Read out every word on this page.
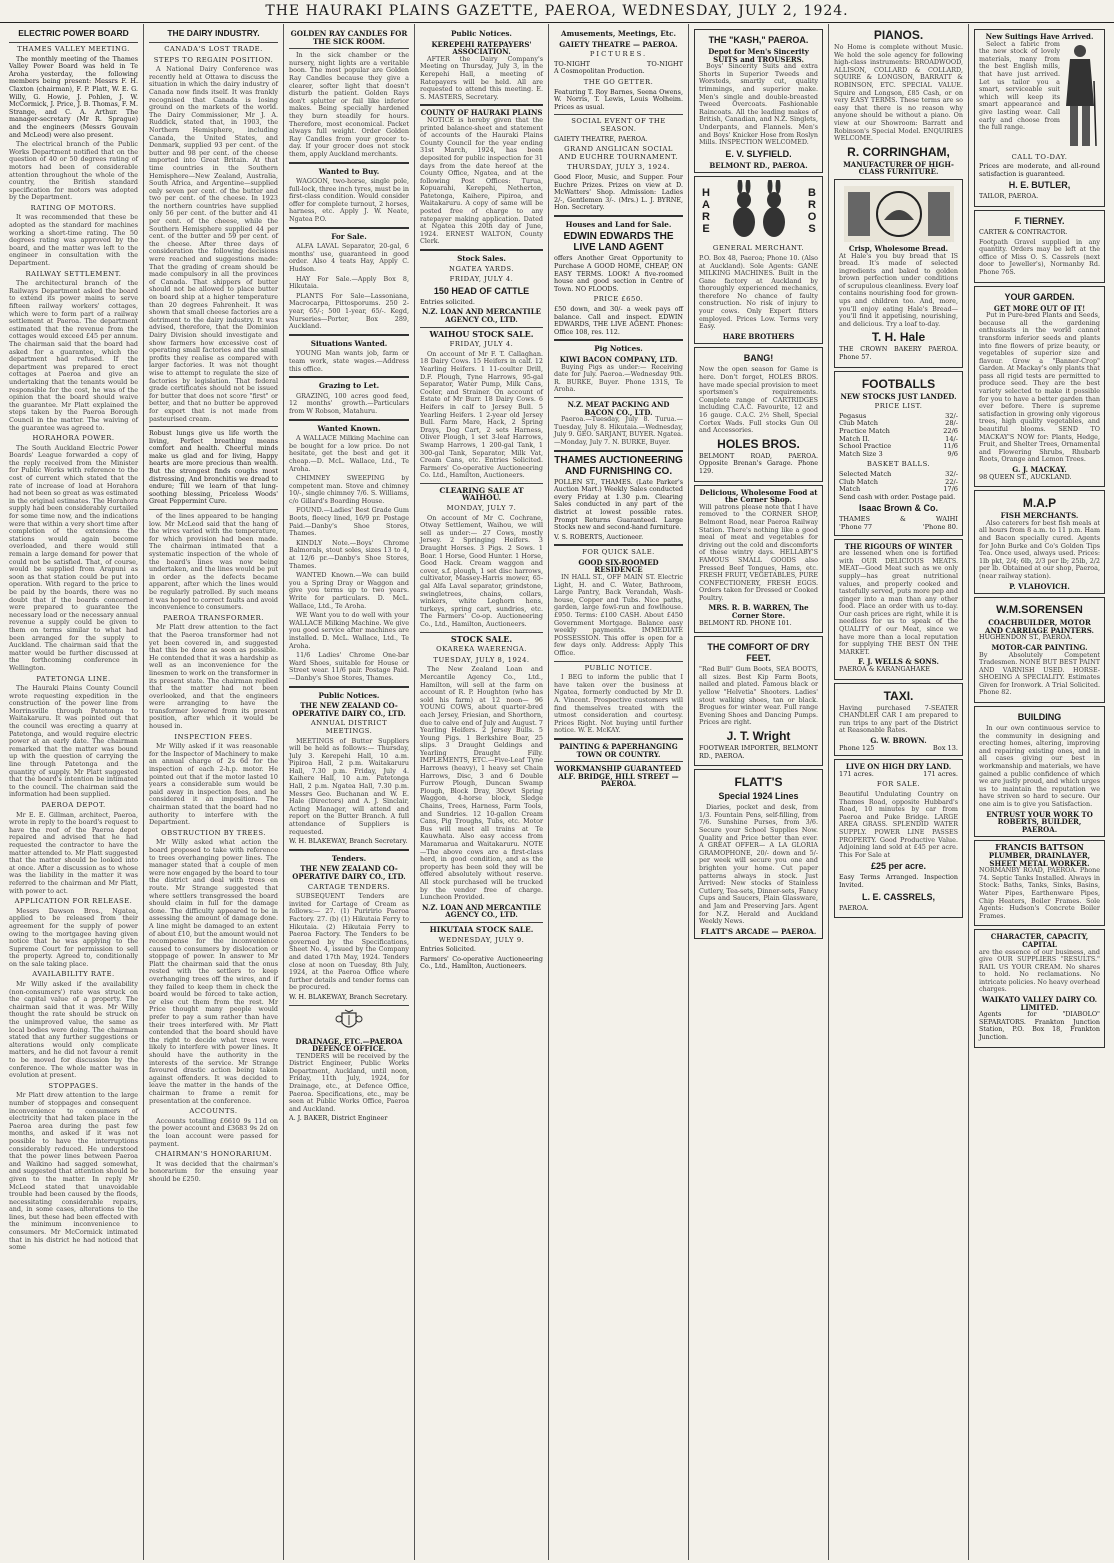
THE HAURAKI PLAINS GAZETTE, PAEROA, WEDNESDAY, JULY 2, 1924.
ELECTRIC POWER BOARD
THAMES VALLEY MEETING.

The monthly meeting of the Thames Valley Power Board was held in Te Aroha yesterday, the following members being present: Messrs F. H. Claxton (chairman), F. P. Platt, W. E. G. Willy, G. Howie, J. Pohlen, J. W. McCormick, J. Price, J. B. Thomas, F. M. Strange, and C. A. Arthur. The manager-secretary (Mr R. Sprague) and the engineers (Messrs Gouvain and McLeod) were also present.

The electrical branch of the Public Works Department notified that on the question of 40 or 50 degrees rating of motors had been of considerable attention throughout the whole of the country, the British standard specification for motors was adopted by the Department.

RATING OF MOTORS.

It was recommended that these be adopted as the standard for machines working a short-time rating. The 50 degrees rating was approved by the board, and the matter was left to the engineer in consultation with the Department.

RAILWAY SETTLEMENT.

The architectural branch of the Railways Department asked the board to extend its power mains to serve fifteen railway workers' cottages, which were to form part of a railway settlement at Paeroa. The department estimated that the revenue from the cottages would exceed £45 per annum. The chairman said that the board had asked for a guarantee, which the department had refused. If the department was prepared to erect cottages at Paeroa and give an undertaking that the tenants would be responsible for the cost, he was of the opinion that the board should waive the guarantee. Mr Platt explained the steps taken by the Paeroa Borough Council in the matter. The waiving of the guarantee was agreed to.

HORAHORA POWER.

The South Auckland Electric Power Boards' League forwarded a copy of the reply received from the Minister for Public Works with reference to the cost of current which stated that the rate of increase of load at Horahora had not been so great as was estimated in the original estimates. The Horahora supply had been considerably curtailed for some time now, and the indications were that within a very short time after completion of the extensions the stations would again become overloaded, and there would still remain a large demand for power that could not be satisfied. That, of course, would be supplied from Arapuni as soon as that station could be put into operation. With regard to the price to be paid by the boards, there was no doubt that if the boards concerned were prepared to guarantee the necessary load or the necessary annual revenue a supply could be given to them on terms similar to what had been arranged for the supply to Auckland. The chairman said that the matter would be further discussed at the forthcoming conference in Wellington.

PATETONGA LINE.

The Hauraki Plains County Council wrote requesting expedition in the construction of the power line from Morrinsville through Patetonga to Waitakaruru. It was pointed out that the council was erecting a quarry at Patetonga, and would require electric power at an early date. The chairman remarked that the matter was bound up with the question of carrying the line through Patetonga and the quantity of supply. Mr Platt suggested that the board's intention be intimated to the council. The chairman said the information had been supplied.

PAEROA DEPOT.

Mr E. E. Gillman, architect, Paeroa, wrote in reply to the board's request to have the roof of the Paeroa depot repaired and advised that he had requested the contractor to have the matter attended to. Mr Platt suggested that the matter should be looked into at once. After a discussion as to whose was the liability in the matter it was referred to the chairman and Mr Platt, with power to act.

APPLICATION FOR RELEASE.

Messrs Dawson Bros., Ngatea, applied to be released from their agreement for the supply of power owing to the mortgagee having given notice that he was applying to the Supreme Court for permission to sell the property. Agreed to, conditionally on the sale taking place.

AVAILABILITY RATE.

Mr Willy asked if the availability (non-consumers') rate was struck on the capital value of a property. The chairman said that it was. Mr Willy thought the rate should be struck on the unimproved value, the same as local bodies were doing. The chairman stated that any further suggestions or alterations would only complicate matters, and he did not favour a remit to be moved for discussion by the conference. The whole matter was in evolution at present.

STOPPAGES.

Mr Platt drew attention to the large number of stoppages and consequent inconvenience to consumers of electricity that had taken place in the Paeroa area during the past few months, and asked if it was not possible to have the interruptions considerably reduced. He understood that the power lines between Paeroa and Waikino had sagged somewhat, and suggested that attention should be given to the matter. In reply Mr McLeod stated that unavoidable trouble had been caused by the floods, necessitating considerable repairs, and, in some cases, alterations to the lines, but these had been effected with the minimum inconvenience to consumers. Mr McCormick intimated that in his district he had noticed that some

THE DAIRY INDUSTRY.
CANADA'S LOST TRADE.
STEPS TO REGAIN POSITION.

A National Dairy Conference was recently held at Ottawa to discuss the situation in which the dairy industry of Canada now finds itself. It was frankly recognised that Canada is losing ground on the markets of the world. The Dairy Commissioner, Mr J. A. Ruddick, stated that, in 1903, the Northern Hemisphere, including Canada, the United States, and Denmark, supplied 93 per cent. of the butter and 98 per cent. of the cheese imported into Great Britain. At that time countries in the Southern Hemisphere—New Zealand, Australia, South Africa, and Argentine—supplied only seven per cent. of the butter and two per cent. of the cheese. In 1923 the northern countries have supplied only 56 per cent. of the butter and 41 per cent. of the cheese, while the Southern Hemisphere supplied 44 per cent. of the butter and 59 per cent. of the cheese. After three days of consideration the following decisions were reached and suggestions made: That the grading of cream should be made compulsory in all the provinces of Canada. That shippers of butter should not be allowed to place butter on board ship at a higher temperature than 20 degrees Fahrenheit. It was shown that small cheese factories are a detriment to the dairy industry. It was advised, therefore, that the Dominion Dairy Division should investigate and show farmers how excessive cost of operating small factories and the small profits they realise as compared with larger factories. It was not thought wise to attempt to regulate the size of factories by legislation. That federal grade certificates should not be issued for butter that does not score "first" or better, and that no butter be approved for export that is not made from pasteurised cream.

Robust lungs give us life worth the living, Perfect breathing means comfort and health. Cheerful minds make us glad and for living, Happy hearts are more precious than wealth. But the strongest finds coughs most distressing, And bronchitis we dread to endure; Till we learn of that lung-soothing blessing, Priceless Woods' Great Peppermint Cure.

of the lines appeared to be hanging low. Mr McLeod said that the hang of the wires varied with the temperature, for which provision had been made. The chairman intimated that a systematic inspection of the whole of the board's lines was now being undertaken, and the lines would be put in order as the defects became apparent, after which the lines would be regularly patrolled. By such means it was hoped to correct faults and avoid inconvenience to consumers.

PAEROA TRANSFORMER.

Mr Platt drew attention to the fact that the Paeroa transformer had not yet been covered in, and suggested that this be done as soon as possible. He contended that it was a hardship as well as an inconvenience for the linesmen to work on the transformer in its present state. The chairman replied that the matter had not been overlooked, and that the engineers were arranging to have the transformer lowered from its present position, after which it would be housed in.

INSPECTION FEES.

Mr Willy asked if it was reasonable for the Inspector of Machinery to make an annual charge of 2s 6d for the inspection of each 2-h.p. motor. He pointed out that if the motor lasted 10 years a considerable sum would be paid away in inspection fees, and he considered it an imposition. The chairman stated that the board had no authority to interfere with the Department.

OBSTRUCTION BY TREES.

Mr Willy asked what action the board proposed to take with reference to trees overhanging power lines. The manager stated that a couple of men were now engaged by the board to tour the district and deal with trees en route. Mr Strange suggested that where settlers transgressed the board should claim in full for the damage done. The difficulty appeared to be in assessing the amount of damage done. A line might be damaged to an extent of about £10, but the amount would not recompense for the inconvenience caused to consumers by dislocation or stoppage of power. In answer to Mr Platt the chairman said that the onus rested with the settlers to keep overhanging trees off the wires, and if they failed to keep them in check the board would be forced to take action, or else cut them from the rest. Mr Price thought many people would prefer to pay a sum rather than have their trees interfered with. Mr Platt contended that the board should have the right to decide what trees were likely to interfere with power lines. It should have the authority in the interests of the service. Mr Strange favoured drastic action being taken against offenders. It was decided to leave the matter in the hands of the chairman to frame a remit for presentation at the conference.

ACCOUNTS.

Accounts totalling £6610 9s 11d on the power account and £3683 9s 2d on the loan account were passed for payment.

CHAIRMAN'S HONORARIUM.

It was decided that the chairman's honorarium for the ensuing year should be £250.

GOLDEN RAY CANDLES FOR THE SICK ROOM.

In the sick chamber or the nursery, night lights are a veritable boon. The most popular are Golden Ray Candles because they give a clearer, softer light that doesn't disturb the patient. Golden Rays don't splutter or fail like inferior makes. Being specially hardened they burn steadily for hours. Therefore, most economical. Packet always full weight. Order Golden Ray Candles from your grocer to-day. If your grocer does not stock them, apply Auckland merchants.

Wanted to Buy.

WAGGON, two-horse, single pole, full-lock, three inch tyres, must be in first-class condition. Would consider offer for complete turnout, 2 horses, harness, etc. Apply J. W. Neate, Ngatea P.O.

For Sale.

ALFA LAVAL Separator, 20-gal, 6 months' use, guaranteed in good order. Also 4 teats Hay, Apply C. Hudson.

HAY For Sale.—Apply Box 8, Hikutaia.

PLANTS For Sale—Lassoniana, Macrocarpa, Pittosporums. 250 2-year, 65/-; 500 1-year, 65/-. Kegd, Nurseries—Porter, Box 289, Auckland.

Situations Wanted.

YOUNG Man wants job, farm or team work, state wages.—Address this office.

Grazing to Let.

GRAZING, 100 acres good feed, 12 months' growth.—Particulars from W Robson, Matahuru.

Wanted Known.

A WALLACE Milking Machine can be bought for a low price. Do not hesitate, get the best and get it cheap.—D. McL. Wallace, Ltd., Te Aroha.

CHIMNEY SWEEPING by competent man. Stove and chimney 10/-, single chimney 7/6. S. Williams, c/o Gillard's Boarding House.

FOUND.—Ladies' Best Grade Gum Boots, fleecy lined, 16/9 pr. Postage Paid.—Danby's Shoe Stores, Thames.

KINDLY Note.—Boys' Chrome Balmorals, stout soles, sizes 13 to 4, at 12/6 pr.—Danby's Shoe Stores, Thames.

WANTED Known.—We can build you a Spring Dray or Waggon and give you terms up to two years. Write for particulars. D. McL. Wallace, Ltd., Te Aroha.

WE Want you to do well with your WALLACE Milking Machine. We give you good service after machines are installed. D. McL. Wallace, Ltd., Te Aroha.

11/6 Ladies' Chrome One-bar Ward Shoes, suitable for House or Street wear. 11/6 pair. Postage Paid.—Danby's Shoe Stores, Thames.

Public Notices.
THE NEW ZEALAND CO-OPERATIVE DAIRY CO., LTD.
ANNUAL DISTRICT MEETINGS.

MEETINGS of Butter Suppliers will be held as follows:— Thursday, July 3. Kerepehi Hall, 10 a.m. Pipiroa Hall, 2 p.m. Waitakaruru Hall, 7.30 p.m. Friday, July 4. Kaihere Hall, 10 a.m. Patetonga Hall, 2 p.m. Ngatea Hall, 7.30 p.m. Messrs Geo. Buchanan and W. E. Hale (Directors) and A. J. Sinclair, Acting Manager, will attend and report on the Butter Branch. A full attendance of Suppliers is requested.

W. H. BLAKEWAY, Branch Secretary.

Tenders.
THE NEW ZEALAND CO-OPERATIVE DAIRY CO., LTD.
CARTAGE TENDERS.

SUBSEQUENT Tenders are invited for Cartage of Cream as follows:— 27. (1) Puriririo Paeroa Factory. 27. (b) (1) Hikutaia Ferry to Hikutaia. (2) Hikutaia Ferry to Paeroa Factory. The Tenders to be governed by the Specifications, Sheet No. 4, issued by the Company and dated 17th May, 1924. Tenders close at noon on Tuesday, 8th July, 1924, at the Paeroa Office where further details and tender forms can be procured.

W. H. BLAKEWAY, Branch Secretary.

DRAINAGE, ETC.—PAEROA DEFENCE OFFICE.

TENDERS will be received by the District Engineer, Public Works Department, Auckland, until noon, Friday, 11th July, 1924, for Drainage, etc., at Defence Office, Paeroa. Specifications, etc., may be seen at Public Works Office, Paeroa and Auckland.

A. J. BAKER, District Engineer

Public Notices.
KEREPEHI RATEPAYERS' ASSOCIATION.

AFTER the Dairy Company's Meeting on Thursday, July 3, in the Kerepehi Hall, a meeting of Ratepayers will be held. All are requested to attend this meeting. E. S. MASTERS, Secretary.

COUNTY OF HAURAKI PLAINS

NOTICE is hereby given that the printed balance-sheet and statement of accounts of the Hauraki Plains County Council for the year ending 31st March, 1924, has been deposited for public inspection for 31 days from the date hereof at the County Office, Ngatea, and at the following Post Offices: Turua, Kopuarahi, Kerepehi, Netherton, Patetonga, Kaihere, Pipiroa, and Waitakaruru. A copy of same will be posted free of charge to any ratepayer making application. Dated at Ngatea this 20th day of June, 1924. ERNEST WALTON, County Clerk.

Stock Sales.
NGATEA YARDS.
FRIDAY, JULY 4.
150 HEAD OF CATTLE

Entries solicited.

N.Z. LOAN AND MERCANTILE AGENCY CO., LTD.
WAIHOU STOCK SALE.
FRIDAY, JULY 4.

On account of Mr F. T. Callaghan. 18 Dairy Cows. 15 Heifers in calf. 12 Yearling Heifers. 1 11-coulter Drill, D.F. Plough, Tyne Harrows, 95-gal Separator, Water Pump, Milk Cans, Cooler, and Strainer. On account of Estate of Mr Burr. 18 Dairy Cows. 6 Heifers in calf to Jersey Bull. 5 Yearling Heifers. 1 2-year old Jersey Bull. Farm Mare, Hack, 2 Spring Drays, Dog Cart, 2 sets Harness, Oliver Plough, 1 set 3-leaf Harrows, Swamp Harrows, 1 200-gal Tank, 1 300-gal Tank, Separator, Milk Vat, Cream Cans, etc. Entries Solicited. Farmers' Co-operative Auctioneering Co. Ltd., Hamilton, Auctioneers.

CLEARING SALE AT WAIHOU.
MONDAY, JULY 7.

On account of Mr C. Cochrane, Otway Settlement, Waihou, we will sell as under:— 27 Cows, mostly Jersey. 2 Springing Heifers. 3 Draught Horses. 3 Pigs. 2 Sows. 1 Boar. 1 Horse, Good Hunter. 1 Horse, Good Hack. Cream waggon and cover, s.f. plough, 1 set disc harrows, cultivator, Massey-Harris mower, 65-gal Alfa Laval separator, grindstone, swingletrees, chains, collars, winkers, white Leghorn hens, turkeys, spring cart, sundries, etc. The Farmers' Co-op. Auctioneering Co., Ltd., Hamilton, Auctioneers.

STOCK SALE.
OKAREKA WAERENGA.
TUESDAY, JULY 8, 1924.

The New Zealand Loan and Mercantile Agency Co., Ltd., Hamilton, will sell at the farm on account of R. P. Houghton (who has sold his farm) at 12 noon— 96 YOUNG COWS, about quarter-bred each Jersey, Friesian, and Shorthorn, due to calve end of July and August. 7 Yearling Heifers. 2 Jersey Bulls. 5 Young Pigs. 1 Berkshire Boar, 25 slips. 3 Draught Geldings and Yearling Draught Filly. IMPLEMENTS, ETC.—Five-Leaf Tyne Harrows (heavy), 1 heavy set Chain Harrows, Disc, 3 and 6 Double Furrow Plough, Duncan Swamp Plough, Block Dray, 30cwt Spring Waggon, 4-horse block, Sledge Chains, Trees, Harness, Farm Tools, and Sundries. 12 10-gallon Cream Cans, Pig Troughs, Tubs, etc. Motor Bus will meet all trains at Te Kauwhata. Also easy access from Maramarua and Waitakaruru. NOTE—The above cows are a first-class herd, in good condition, and as the property has been sold they will be offered absolutely without reserve. All stock purchased will be trucked by the vendor free of charge. Luncheon Provided.

N.Z. LOAN AND MERCANTILE AGENCY CO., LTD.
HIKUTAIA STOCK SALE.
WEDNESDAY, JULY 9.

Entries Solicited.

Farmers' Co-operative Auctioneering Co., Ltd., Hamilton, Auctioneers.

Amusements, Meetings, Etc.
GAIETY THEATRE — PAEROA.
PICTURES.
TO-NIGHT	TO-NIGHT

A Cosmopolitan Production.

THE GO GETTER.

Featuring T. Roy Barnes, Seena Owens, W. Norris, T. Lewis, Louis Wolheim. Prices as usual.

SOCIAL EVENT OF THE SEASON.

GAIETY THEATRE, PAEROA.

GRAND ANGLICAN SOCIAL AND EUCHRE TOURNAMENT.
THURSDAY, JULY 3, 1924.

Good Floor, Music, and Supper. Four Euchre Prizes. Prizes on view at D. McWatters' Shop. Admission: Ladies 2/-, Gentlemen 3/-. (Mrs.) L. J. BYRNE, Hon. Secretary.

Houses and Land for Sale.
EDWIN EDWARDS THE LIVE LAND AGENT

offers Another Great Opportunity to Purchase A GOOD HOME, CHEAP, ON EASY TERMS. LOOK! A five-roomed house and good section in Centre of Town. NO FLOODS.

PRICE £650.

£50 down, and 30/- a week pays off balance. Call and inspect. EDWIN EDWARDS, THE LIVE AGENT. Phones: Office 108, res. 112.

Pig Notices.
KIWI BACON COMPANY, LTD.

Buying Pigs as under:— Receiving date for July. Paeroa.—Wednesday 9th. R. BURKE, Buyer. Phone 131S, Te Aroha.

N.Z. MEAT PACKING AND BACON CO., LTD.

Paeroa.—Tuesday, July 8. Turua.—Tuesday, July 8. Hikutaia.—Wednesday, July 9. GEO. SARJANT, BUYER. Ngatea.—Monday, July 7. N. BURKE, Buyer.

THAMES AUCTIONEERING AND FURNISHING CO.

POLLEN ST., THAMES. (Late Parker's Auction Mart.) Weekly Sales conducted every Friday at 1.30 p.m. Clearing Sales conducted in any part of the district at lowest possible rates. Prompt Returns Guaranteed. Large Stocks new and second-hand furniture.

V. S. ROBERTS, Auctioneer.

FOR QUICK SALE.
GOOD SIX-ROOMED RESIDENCE

IN HALL ST., OFF MAIN ST. Electric Light, H. and C. Water, Bathroom, Large Pantry, Back Verandah, Wash-house, Copper and Tubs. Nice paths, garden, large fowl-run and fowlhouse. £950. Terms: £100 CASH. About £450 Government Mortgage. Balance easy weekly payments. IMMEDIATE POSSESSION. This offer is open for a few days only. Address: Apply This Office.

PUBLIC NOTICE.

I BEG to inform the public that I have taken over the business at Ngatea, formerly conducted by Mr D. A. Vincent. Prospective customers will find themselves treated with the utmost consideration and courtesy. Prices Right. Not buying until further notice. W. E. McKAY.

PAINTING & PAPERHANGING TOWN OR COUNTRY.
WORKMANSHIP GUARANTEED
ALF. BRIDGE, HILL STREET — PAEROA.
THE "KASH," PAEROA.
Depot for Men's Sincerity SUITS and TROUSERS.

Boys' Sincerity Suits and extra Shorts in Superior Tweeds and Worsteds, smartly cut, quality trimmings, and superior make. Men's single and double-breasted Tweed Overcoats. Fashionable Raincoats. All the leading makes of British, Canadian, and N.Z. Singlets, Underpants, and Flannels. Men's and Boys' Knicker Hose from Roslyn Mills. INSPECTION WELCOMED.

E. V. SLYFIELD.
BELMONT RD., PAEROA.
HARE	BROS
GENERAL MERCHANT.

P.O. Box 48, Paeroa; Phone 10. (Also at Auckland). Sole Agents: GANE MILKING MACHINES. Built in the Gane factory at Auckland by thoroughly experienced mechanics, therefore No chance of faulty construction. No risk of injury to your cows. Only Expert fitters employed. Prices Low. Terms very Easy.

HARE BROTHERS
BANG!

Now the open season for Game is here. Don't forget, HOLES BROS. have made special provision to meet sportsmen's requirements. Complete range of CARTRIDGES including C.A.C. Favourite, 12 and 16 gauge. C.A.C. 2½ Shell, Special Cortex Wads. Full stocks Gun Oil and Accessories.

HOLES BROS.

BELMONT ROAD, PAEROA. Opposite Brenan's Garage. Phone 129.

Delicious, Wholesome Food at the Corner Shop.

Will patrons please note that I have removed to the CORNER SHOP, Belmont Road, near Paeroa Railway Station. There's nothing like a good meal of meat and vegetables for driving out the cold and discomforts of these wintry days. HELLABY'S FAMOUS SMALL GOODS also Pressed Beef Tongues, Hams, etc. FRESH FRUIT, VEGETABLES, PURE CONFECTIONERY, FRESH EGGS. Orders taken for Dressed or Cooked Poultry.

MRS. R. B. WARREN, The Corner Store.

BELMONT RD. PHONE 101.

THE COMFORT OF DRY FEET.

"Red Bull" Gum Boots, SEA BOOTS, all sizes. Best Kip Farm Boots, nailed and plated. Famous black or yellow "Helvetia" Shooters. Ladies' stout walking shoes, tan or black. Brogues for winter wear. Full range Evening Shoes and Dancing Pumps. Prices are right.

J. T. Wright

FOOTWEAR IMPORTER, BELMONT RD., PAEROA.

FLATT'S
Special 1924 Lines

Diaries, pocket and desk, from 1/3. Fountain Pens, self-filling, from 7/6. Sunshine Purses, from 3/6. Secure your School Supplies Now. Quality and Price better than ever. A GREAT OFFER— A LA GLORIA GRAMOPHONE, 20/- down and 5/- per week will secure you one and brighten your home. Cut paper patterns always in stock. Just Arrived: New stocks of Stainless Cutlery, Tea-sets, Dinner-sets, Fancy Cups and Saucers, Plain Glassware, and Jam and Preserving Jars. Agent for N.Z. Herald and Auckland Weekly News.

FLATT'S ARCADE — PAEROA.
PIANOS.

No Home is complete without Music. We hold the sole agency for following high-class instruments: BROADWOOD, ALLISON, COLLARD & COLLARD, SQUIRE & LONGSON, BARRATT & ROBINSON, ETC. SPECIAL VALUE. Squire and Longson, £85 Cash, or on very EASY TERMS. These terms are so easy that there is no reason why anyone should be without a piano. On view at our Showroom: Barratt and Robinson's Special Model. ENQUIRIES WELCOME.

R. CORRINGHAM,
MANUFACTURER OF HIGH-CLASS FURNITURE.
Crisp, Wholesome Bread.

At Hale's you buy bread that IS bread. It's made of selected ingredients and baked to golden brown perfection under conditions of scrupulous cleanliness. Every loaf contains nourishing food for grown-ups and children too. And, more, you'll enjoy eating Hale's Bread—you'll find it appetising, nourishing, and delicious. Try a loaf to-day.

T. H. Hale

THE CROWN BAKERY PAEROA. Phone 57.

FOOTBALLS
NEW STOCKS JUST LANDED.
PRICE LIST.
Pegasus	32/-
Club Match	28/-
Practice Match	22/6
Match II.	14/-
School Practice	11/6
Match Size 3	9/6
BASKET BALLS.
Selected Match	32/-
Club Match	22/-
Match	17/6

Send cash with order. Postage paid.

Isaac Brown & Co.
THAMES	&	WAIHI
'Phone 77	'Phone 80.
THE RIGOURS OF WINTER

are lessened when one is fortified with OUR DELICIOUS MEATS. MEAT—Good Meat such as we only supply—has great nutritional values, and properly cooked and tastefully served, puts more pep and ginger into a man than any other food. Place an order with us to-day. Our cash prices are right, while it is needless for us to speak of the QUALITY of our Meat, since we have more than a local reputation for supplying THE BEST ON THE MARKET.

F. J. WELLS & SONS.

PAEROA & KARANGAHAKE

TAXI.

Having purchased 7-SEATER CHANDLER CAR I am prepared to run trips to any part of the District at Reasonable Rates.

G. W. BROWN.
Phone 125	Box 13.
LIVE ON HIGH DRY LAND.
171 acres.	171 acres.
FOR SALE.

Beautiful Undulating Country on Thames Road, opposite Hubbard's Road, 10 minutes by car from Paeroa and Puke Bridge. LARGE AREA GRASS. SPLENDID WATER SUPPLY. POWER LINE PASSES PROPERTY. Good Productive Value. Adjoining land sold at £45 per acre. This For Sale at

£25 per acre.

Easy Terms Arranged. Inspection Invited.

L. E. CASSRELS,

PAEROA.

New Suitings Have Arrived.

Select a fabric from the new stock of lovely materials, many from the best English mills, that have just arrived. Let us tailor you a smart, serviceable suit which will keep its smart appearance and give lasting wear. Call early and choose from the full range.

CALL TO-DAY.

Prices are moderate, and all-round satisfaction is guaranteed.

H. E. BUTLER,

TAILOR, PAEROA.

F. TIERNEY.

CARTER & CONTRACTOR.

Footpath Gravel supplied in any quantity. Orders may be left at the office of Miss O. S. Cassrels (next door to Jeweller's), Normanby Rd. Phone 76S.

YOUR GARDEN.
GET MORE OUT OF IT!

Put in Pure-bred Plants and Seeds, because all the gardening enthusiasts in the world cannot transform inferior seeds and plants into fine flowers of prize beauty, or vegetables of superior size and flavour. Grow a "Banner-Crop" Garden. At Mackay's only plants that pass all rigid tests are permitted to produce seed. They are the best variety selected to make it possible for you to have a better garden than ever before. There is supreme satisfaction in growing only vigorous trees, high quality vegetables, and beautiful blooms. SEND TO MACKAY'S NOW for: Plants, Hedge, Fruit, and Shelter Trees, Ornamental and Flowering Shrubs, Rhubarb Roots, Orange and Lemon Trees.

G. J. MACKAY.

98 QUEEN ST., AUCKLAND.

M.A.P
FISH MERCHANTS.

Also caterers for best fish meals at all hours from 8 a.m. to 11 p.m. Ham and Bacon specially cured. Agents for John Burke and Co's Golden Tips Tea. Once used, always used. Prices: 1lb pkt, 2/4; 6lb, 2/3 per lb; 25lb, 2/2 per lb. Obtained at our shop, Paeroa, (near railway station).

P. VLAHOVICH.
W.M.SORENSEN
COACHBUILDER, MOTOR AND CARRIAGE PAINTERS.

HUGHENDON ST., PAEROA.

MOTOR-CAR PAINTING.

By Absolutely Competent Tradesmen. NONE BUT BEST PAINT AND VARNISH USED. HORSE-SHOEING A SPECIALITY. Estimates Given for Ironwork. A Trial Solicited. Phone 82.

BUILDING

In our own continuous service to the community in designing and erecting homes, altering, improving and repairing existing ones, and in all cases giving our best in workmanship and materials, we have gained a public confidence of which we are justly proud, and which urges us to maintain the reputation we have striven so hard to secure. Our one aim is to give you Satisfaction.

ENTRUST YOUR WORK TO ROBERTS, BUILDER, PAEROA.
FRANCIS BATTSON
PLUMBER, DRAINLAYER, SHEET METAL WORKER.

NORMANBY ROAD, PAEROA. Phone 74. Septic Tanks Installed. Always in Stock: Baths, Tanks, Sinks, Basins, Water Pipes, Earthenware Pipes, Chip Heaters, Boiler Frames. Sole Agents: Hudson's Concrete Boiler Frames.

CHARACTER, CAPACITY, CAPITAL

are the essence of our business, and give OUR SUPPLIERS "RESULTS." RAIL US YOUR CREAM. No shares to hold. No reclamations. No intricate policies. No heavy overhead charges.

WAIKATO VALLEY DAIRY CO. LIMITED.

Agents for "DIABOLO" SEPARATORS. Frankton Junction Station, P.O. Box 18, Frankton Junction.
